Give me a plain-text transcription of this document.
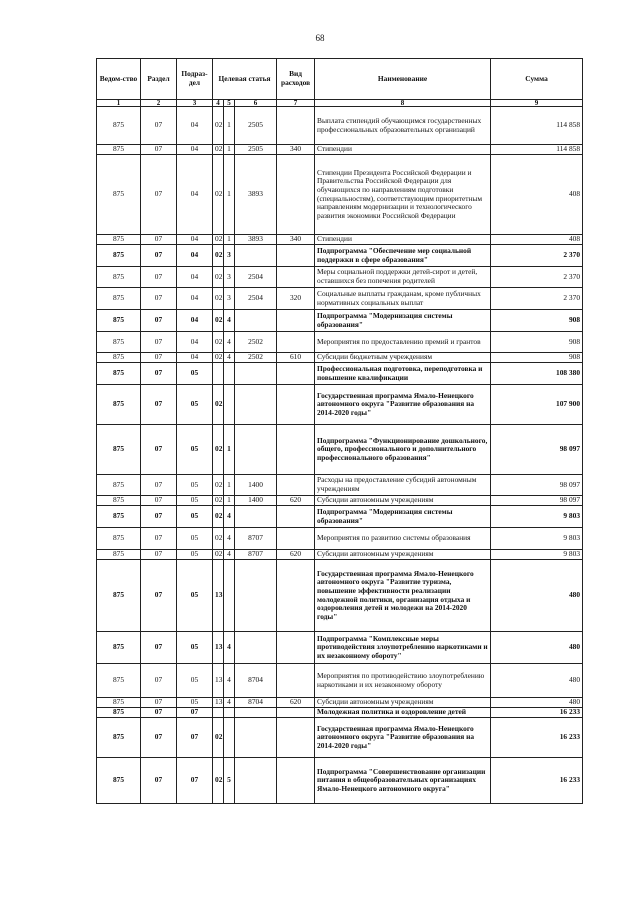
68
Ведом-ство	Раздел	Подраз-дел	Целевая статья			Вид расходов	Наименование	Сумма
1	2	3	4	5	6	7	8	9
875	07	04	02	1	2505		Выплата стипендий обучающимся государственных профессиональных образовательных организаций	114 858
875	07	04	02	1	2505	340	Стипендии	114 858
875	07	04	02	1	3893		Стипендии Президента Российской Федерации и Правительства Российской Федерации для обучающихся по направлениям подготовки (специальностям), соответствующим приоритетным направлениям модернизации и технологического развития экономики Российской Федерации	408
875	07	04	02	1	3893	340	Стипендии	408
875	07	04	02	3			Подпрограмма "Обеспечение мер социальной поддержки в сфере образования"	2 370
875	07	04	02	3	2504		Меры социальной поддержки детей-сирот и детей, оставшихся без попечения родителей	2 370
875	07	04	02	3	2504	320	Социальные выплаты гражданам, кроме публичных нормативных социальных выплат	2 370
875	07	04	02	4			Подпрограмма "Модернизация системы образования"	908
875	07	04	02	4	2502		Мероприятия по предоставлению премий и грантов	908
875	07	04	02	4	2502	610	Субсидии бюджетным учреждениям	908
875	07	05					Профессиональная подготовка, переподготовка и повышение квалификации	108 380
875	07	05	02				Государственная программа Ямало-Ненецкого автономного округа "Развитие образования на 2014-2020 годы"	107 900
875	07	05	02	1			Подпрограмма "Функционирование дошкольного, общего, профессионального и дополнительного профессионального образования"	98 097
875	07	05	02	1	1400		Расходы на предоставление субсидий автономным учреждениям	98 097
875	07	05	02	1	1400	620	Субсидии автономным учреждениям	98 097
875	07	05	02	4			Подпрограмма "Модернизация системы образования"	9 803
875	07	05	02	4	8707		Мероприятия по развитию системы образования	9 803
875	07	05	02	4	8707	620	Субсидии автономным учреждениям	9 803
875	07	05	13				Государственная программа Ямало-Ненецкого автономного округа "Развитие туризма, повышение эффективности реализации молодежной политики, организация отдыха и оздоровления детей и молодежи на 2014-2020 годы"	480
875	07	05	13	4			Подпрограмма "Комплексные меры противодействия злоупотреблению наркотиками и их незаконному обороту"	480
875	07	05	13	4	8704		Мероприятия по противодействию злоупотреблению наркотиками и их незаконному обороту	480
875	07	05	13	4	8704	620	Субсидии автономным учреждениям	480
875	07	07					Молодежная политика и оздоровление детей	16 233
875	07	07	02				Государственная программа Ямало-Ненецкого автономного округа "Развитие образования на 2014-2020 годы"	16 233
875	07	07	02	5			Подпрограмма "Совершенствование организации питания в общеобразовательных организациях Ямало-Ненецкого автономного округа"	16 233
